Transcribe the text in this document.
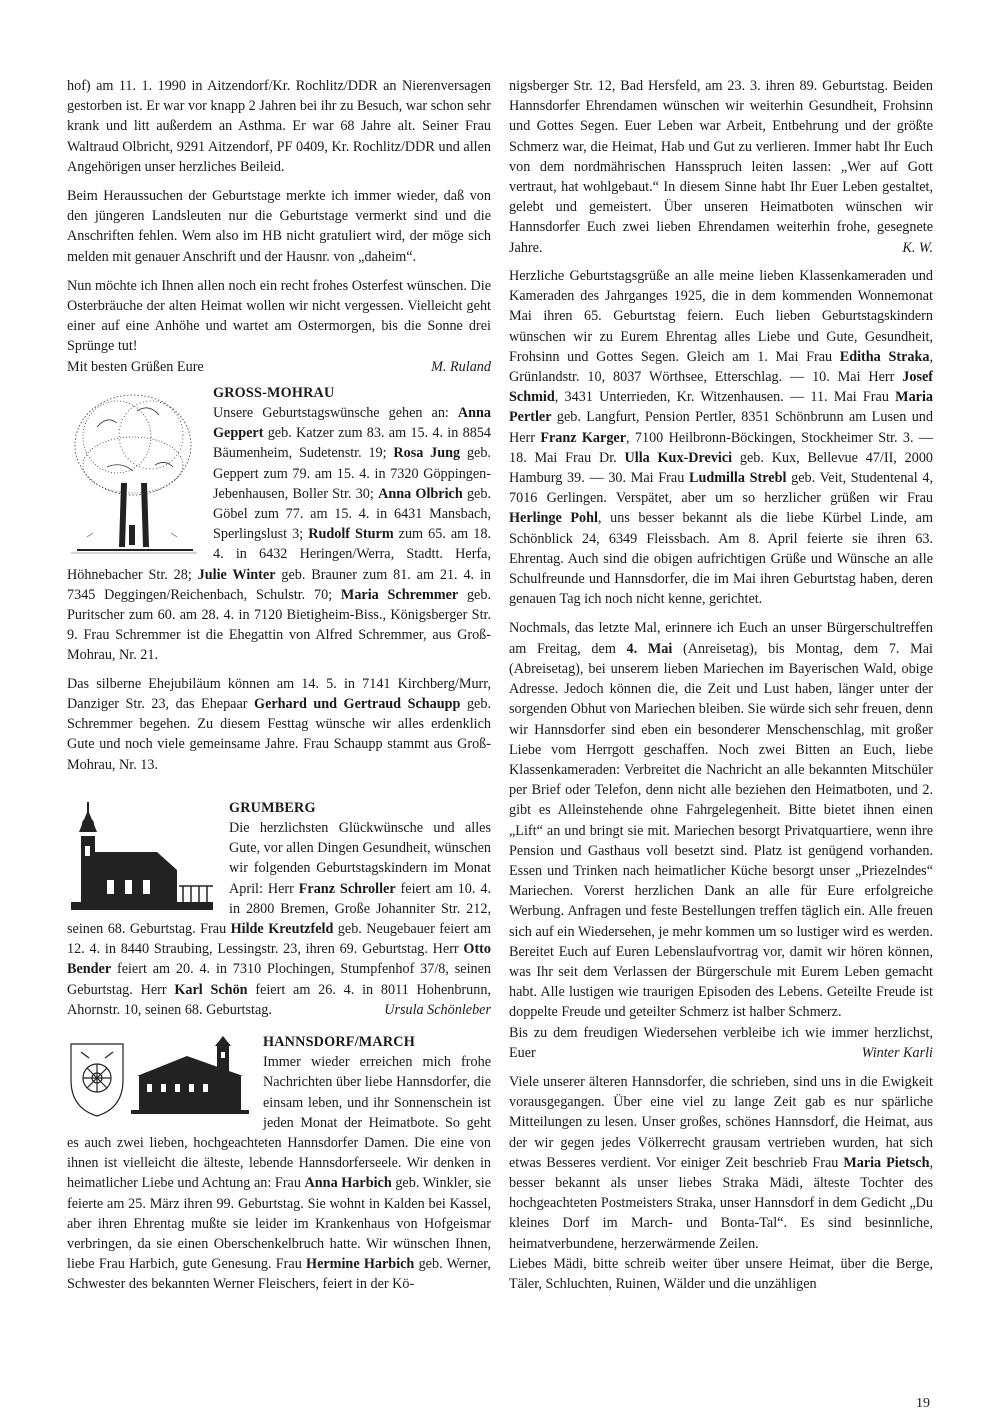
hof) am 11. 1. 1990 in Aitzendorf/Kr. Rochlitz/DDR an Nierenversagen gestorben ist. Er war vor knapp 2 Jahren bei ihr zu Besuch, war schon sehr krank und litt außerdem an Asthma. Er war 68 Jahre alt. Seiner Frau Waltraud Olbricht, 9291 Aitzendorf, PF 0409, Kr. Rochlitz/DDR und allen Angehörigen unser herzliches Beileid.

Beim Heraussuchen der Geburtstage merkte ich immer wieder, daß von den jüngeren Landsleuten nur die Geburtstage vermerkt sind und die Anschriften fehlen. Wem also im HB nicht gratuliert wird, der möge sich melden mit genauer Anschrift und der Hausnr. von „daheim“.

Nun möchte ich Ihnen allen noch ein recht frohes Osterfest wünschen. Die Osterbräuche der alten Heimat wollen wir nicht vergessen. Vielleicht geht einer auf eine Anhöhe und wartet am Ostermorgen, bis die Sonne drei Sprünge tut!

Mit besten Grüßen Eure	M. Ruland

GROSS-MOHRAU

Unsere Geburtstagswünsche gehen an: Anna Geppert geb. Katzer zum 83. am 15. 4. in 8854 Bäumenheim, Sudetenstr. 19; Rosa Jung geb. Geppert zum 79. am 15. 4. in 7320 Göppingen-Jebenhausen, Boller Str. 30; Anna Olbrich geb. Göbel zum 77. am 15. 4. in 6431 Mansbach, Sperlingslust 3; Rudolf Sturm zum 65. am 18. 4. in 6432 Heringen/Werra, Stadtt. Herfa, Höhnebacher Str. 28; Julie Winter geb. Brauner zum 81. am 21. 4. in 7345 Deggingen/Reichenbach, Schulstr. 70; Maria Schremmer geb. Puritscher zum 60. am 28. 4. in 7120 Bietigheim-Biss., Königsberger Str. 9. Frau Schremmer ist die Ehegattin von Alfred Schremmer, aus Groß-Mohrau, Nr. 21.

Das silberne Ehejubiläum können am 14. 5. in 7141 Kirchberg/Murr, Danziger Str. 23, das Ehepaar Gerhard und Gertraud Schaupp geb. Schremmer begehen. Zu diesem Festtag wünsche wir alles erdenklich Gute und noch viele gemeinsame Jahre. Frau Schaupp stammt aus Groß-Mohrau, Nr. 13.

GRUMBERG

Die herzlichsten Glückwünsche und alles Gute, vor allen Dingen Gesundheit, wünschen wir folgenden Geburtstagskindern im Monat April: Herr Franz Schroller feiert am 10. 4. in 2800 Bremen, Große Johanniter Str. 212, seinen 68. Geburtstag. Frau Hilde Kreutzfeld geb. Neugebauer feiert am 12. 4. in 8440 Straubing, Lessingstr. 23, ihren 69. Geburtstag. Herr Otto Bender feiert am 20. 4. in 7310 Plochingen, Stumpfenhof 37/8, seinen Geburtstag. Herr Karl Schön feiert am 26. 4. in 8011 Hohenbrunn, Ahornstr. 10, seinen 68. Geburtstag.	Ursula Schönleber

HANNSDORF/MARCH

Immer wieder erreichen mich frohe Nachrichten über liebe Hannsdorfer, die einsam leben, und ihr Sonnenschein ist jeden Monat der Heimatbote. So geht es auch zwei lieben, hochgeachteten Hannsdorfer Damen. Die eine von ihnen ist vielleicht die älteste, lebende Hannsdorferseele. Wir denken in heimatlicher Liebe und Achtung an: Frau Anna Harbich geb. Winkler, sie feierte am 25. März ihren 99. Geburtstag. Sie wohnt in Kalden bei Kassel, aber ihren Ehrentag mußte sie leider im Krankenhaus von Hofgeismar verbringen, da sie einen Oberschenkelbruch hatte. Wir wünschen Ihnen, liebe Frau Harbich, gute Genesung. Frau Hermine Harbich geb. Werner, Schwester des bekannten Werner Fleischers, feiert in der Kö-

nigsberger Str. 12, Bad Hersfeld, am 23. 3. ihren 89. Geburtstag. Beiden Hannsdorfer Ehrendamen wünschen wir weiterhin Gesundheit, Frohsinn und Gottes Segen. Euer Leben war Arbeit, Entbehrung und der größte Schmerz war, die Heimat, Hab und Gut zu verlieren. Immer habt Ihr Euch von dem nordmährischen Hansspruch leiten lassen: „Wer auf Gott vertraut, hat wohlgebaut.“ In diesem Sinne habt Ihr Euer Leben gestaltet, gelebt und gemeistert. Über unseren Heimatboten wünschen wir Hannsdorfer Euch zwei lieben Ehrendamen weiterhin frohe, gesegnete Jahre.	K. W.

Herzliche Geburtstagsgrüße an alle meine lieben Klassenkameraden und Kameraden des Jahrganges 1925, die in dem kommenden Wonnemonat Mai ihren 65. Geburtstag feiern. Euch lieben Geburtstagskindern wünschen wir zu Eurem Ehrentag alles Liebe und Gute, Gesundheit, Frohsinn und Gottes Segen. Gleich am 1. Mai Frau Editha Straka, Grünlandstr. 10, 8037 Wörthsee, Etterschlag. — 10. Mai Herr Josef Schmid, 3431 Unterrieden, Kr. Witzenhausen. — 11. Mai Frau Maria Pertler geb. Langfurt, Pension Pertler, 8351 Schönbrunn am Lusen und Herr Franz Karger, 7100 Heilbronn-Böckingen, Stockheimer Str. 3. — 18. Mai Frau Dr. Ulla Kux-Drevici geb. Kux, Bellevue 47/II, 2000 Hamburg 39. — 30. Mai Frau Ludmilla Strebl geb. Veit, Studentenal 4, 7016 Gerlingen. Verspätet, aber um so herzlicher grüßen wir Frau Herlinge Pohl, uns besser bekannt als die liebe Kürbel Linde, am Schönblick 24, 6349 Fleissbach. Am 8. April feierte sie ihren 63. Ehrentag. Auch sind die obigen aufrichtigen Grüße und Wünsche an alle Schulfreunde und Hannsdorfer, die im Mai ihren Geburtstag haben, deren genauen Tag ich noch nicht kenne, gerichtet.

Nochmals, das letzte Mal, erinnere ich Euch an unser Bürgerschultreffen am Freitag, dem 4. Mai (Anreisetag), bis Montag, dem 7. Mai (Abreisetag), bei unserem lieben Mariechen im Bayerischen Wald, obige Adresse. Jedoch können die, die Zeit und Lust haben, länger unter der sorgenden Obhut von Mariechen bleiben. Sie würde sich sehr freuen, denn wir Hannsdorfer sind eben ein besonderer Menschenschlag, mit großer Liebe vom Herrgott geschaffen. Noch zwei Bitten an Euch, liebe Klassenkameraden: Verbreitet die Nachricht an alle bekannten Mitschüler per Brief oder Telefon, denn nicht alle beziehen den Heimatboten, und 2. gibt es Alleinstehende ohne Fahrgelegenheit. Bitte bietet ihnen einen „Lift“ an und bringt sie mit. Mariechen besorgt Privatquartiere, wenn ihre Pension und Gasthaus voll besetzt sind. Platz ist genügend vorhanden. Essen und Trinken nach heimatlicher Küche besorgt unser „Priezelndes“ Mariechen. Vorerst herzlichen Dank an alle für Eure erfolgreiche Werbung. Anfragen und feste Bestellungen treffen täglich ein. Alle freuen sich auf ein Wiedersehen, je mehr kommen um so lustiger wird es werden. Bereitet Euch auf Euren Lebenslaufvortrag vor, damit wir hören können, was Ihr seit dem Verlassen der Bürgerschule mit Eurem Leben gemacht habt. Alle lustigen wie traurigen Episoden des Lebens. Geteilte Freude ist doppelte Freude und geteilter Schmerz ist halber Schmerz.

Bis zu dem freudigen Wiedersehen verbleibe ich wie immer herzlichst, Euer	Winter Karli

Viele unserer älteren Hannsdorfer, die schrieben, sind uns in die Ewigkeit vorausgegangen. Über eine viel zu lange Zeit gab es nur spärliche Mitteilungen zu lesen. Unser großes, schönes Hannsdorf, die Heimat, aus der wir gegen jedes Völkerrecht grausam vertrieben wurden, hat sich etwas Besseres verdient. Vor einiger Zeit beschrieb Frau Maria Pietsch, besser bekannt als unser liebes Straka Mädi, älteste Tochter des hochgeachteten Postmeisters Straka, unser Hannsdorf in dem Gedicht „Du kleines Dorf im March- und Bonta-Tal“. Es sind besinnliche, heimatverbundene, herzerwärmende Zeilen.

Liebes Mädi, bitte schreib weiter über unsere Heimat, über die Berge, Täler, Schluchten, Ruinen, Wälder und die unzähligen

19
